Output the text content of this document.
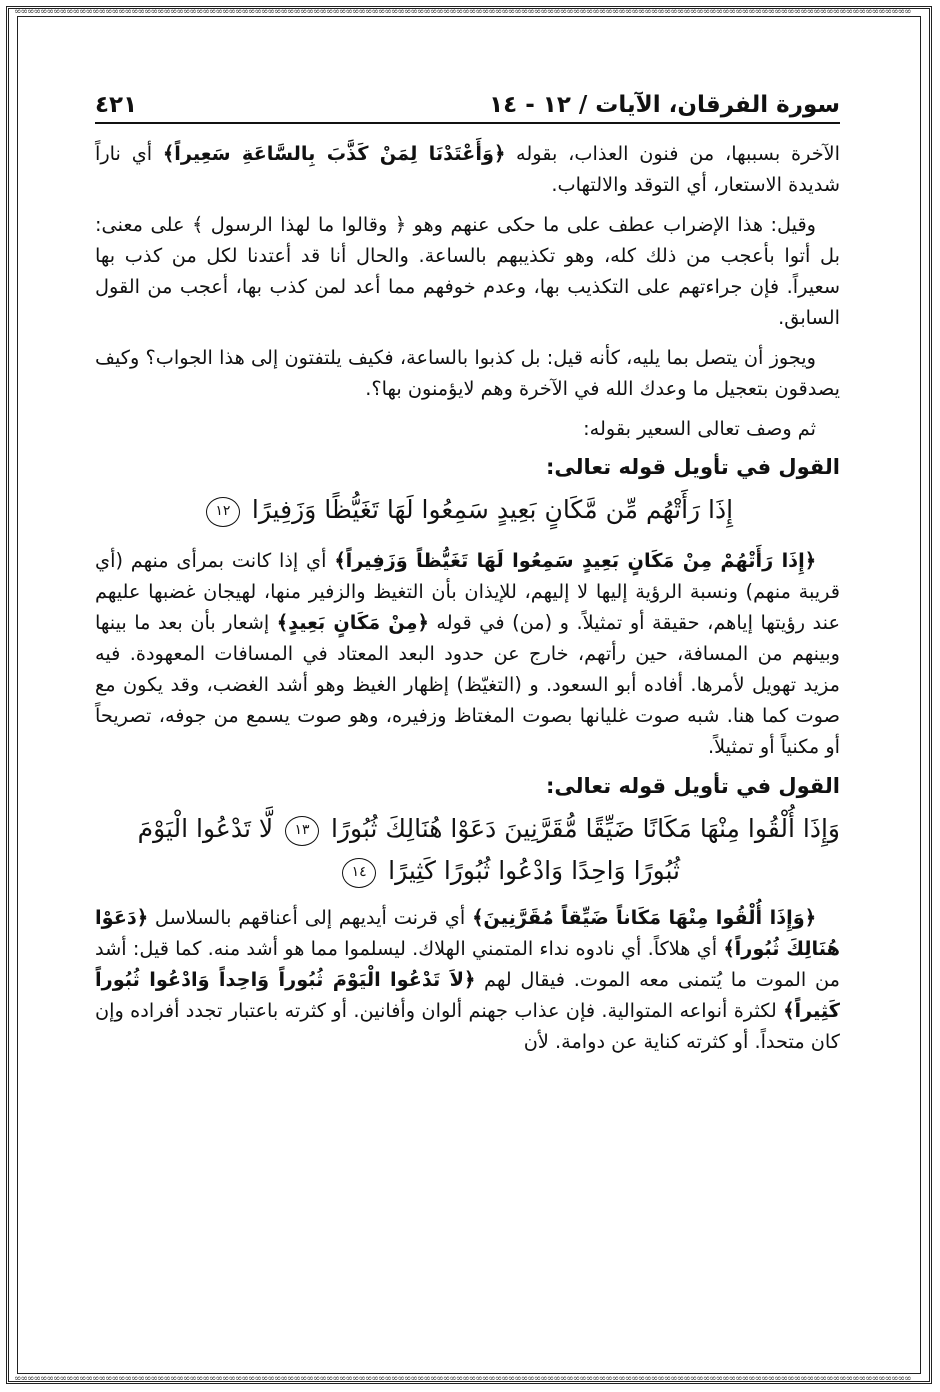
∞∞∞∞∞∞∞∞∞∞∞∞∞∞∞∞∞∞∞∞∞∞∞∞∞∞∞∞∞∞∞∞∞∞∞∞∞∞∞∞∞∞∞∞∞∞∞∞∞∞∞∞∞∞∞∞∞∞∞∞∞∞∞∞∞∞∞∞∞∞∞∞∞∞∞∞∞∞∞∞∞∞∞∞∞∞∞∞∞∞∞∞∞∞∞∞∞∞∞∞∞∞∞∞∞∞∞∞∞∞∞∞∞∞∞∞∞∞∞∞∞∞∞∞∞∞∞∞∞∞∞∞∞∞∞∞∞∞
∞∞∞∞∞∞∞∞∞∞∞∞∞∞∞∞∞∞∞∞∞∞∞∞∞∞∞∞∞∞∞∞∞∞∞∞∞∞∞∞∞∞∞∞∞∞∞∞∞∞∞∞∞∞∞∞∞∞∞∞∞∞∞∞∞∞∞∞∞∞∞∞∞∞∞∞∞∞∞∞∞∞∞∞∞∞∞∞∞∞∞∞∞∞∞∞∞∞∞∞∞∞∞∞∞∞∞∞∞∞∞∞∞∞∞∞∞∞∞∞∞∞∞∞∞∞∞∞∞∞∞∞∞∞∞∞∞∞
سورة الفرقان، الآيات / ١٢ - ١٤
٤٢١

الآخرة بسببها، من فنون العذاب، بقوله ﴿وَأَعْتَدْنَا لِمَنْ كَذَّبَ بِالسَّاعَةِ سَعِيراً﴾ أي ناراً شديدة الاستعار، أي التوقد والالتهاب.

وقيل: هذا الإضراب عطف على ما حكى عنهم وهو ﴿ وقالوا ما لهذا الرسول ﴾ على معنى: بل أتوا بأعجب من ذلك كله، وهو تكذيبهم بالساعة. والحال أنا قد أعتدنا لكل من كذب بها سعيراً. فإن جراءتهم على التكذيب بها، وعدم خوفهم مما أعد لمن كذب بها، أعجب من القول السابق.

ويجوز أن يتصل بما يليه، كأنه قيل: بل كذبوا بالساعة، فكيف يلتفتون إلى هذا الجواب؟ وكيف يصدقون بتعجيل ما وعدك الله في الآخرة وهم لايؤمنون بها؟.

ثم وصف تعالى السعير بقوله:

القول في تأويل قوله تعالى:
إِذَا رَأَتْهُم مِّن مَّكَانٍ بَعِيدٍ سَمِعُوا لَهَا تَغَيُّظًا وَزَفِيرًا ١٢

﴿إِذَا رَأَتْهُمْ مِنْ مَكَانٍ بَعِيدٍ سَمِعُوا لَهَا تَغَيُّظاً وَزَفِيراً﴾ أي إذا كانت بمرأى منهم (أي قريبة منهم) ونسبة الرؤية إليها لا إليهم، للإيذان بأن التغيظ والزفير منها، لهيجان غضبها عليهم عند رؤيتها إياهم، حقيقة أو تمثيلاً. و (من) في قوله ﴿مِنْ مَكَانٍ بَعِيدٍ﴾ إشعار بأن بعد ما بينها وبينهم من المسافة، حين رأتهم، خارج عن حدود البعد المعتاد في المسافات المعهودة. فيه مزيد تهويل لأمرها. أفاده أبو السعود. و (التغيّظ) إظهار الغيظ وهو أشد الغضب، وقد يكون مع صوت كما هنا. شبه صوت غليانها بصوت المغتاظ وزفيره، وهو صوت يسمع من جوفه، تصريحاً أو مكنياً أو تمثيلاً.

القول في تأويل قوله تعالى:
وَإِذَا أُلْقُوا مِنْهَا مَكَانًا ضَيِّقًا مُّقَرَّنِينَ دَعَوْا هُنَالِكَ ثُبُورًا ١٣ لَّا تَدْعُوا الْيَوْمَ
ثُبُورًا وَاحِدًا وَادْعُوا ثُبُورًا كَثِيرًا ١٤

﴿وَإِذَا أُلْقُوا مِنْهَا مَكَاناً ضَيِّقاً مُقَرَّنِينَ﴾ أي قرنت أيديهم إلى أعناقهم بالسلاسل ﴿دَعَوْا هُنَالِكَ ثُبُوراً﴾ أي هلاكاً. أي نادوه نداء المتمني الهلاك. ليسلموا مما هو أشد منه. كما قيل: أشد من الموت ما يُتمنى معه الموت. فيقال لهم ﴿لاَ تَدْعُوا الْيَوْمَ ثُبُوراً وَاحِداً وَادْعُوا ثُبُوراً كَثِيراً﴾ لكثرة أنواعه المتوالية. فإن عذاب جهنم ألوان وأفانين. أو كثرته باعتبار تجدد أفراده وإن كان متحداً. أو كثرته كناية عن دوامة. لأن
